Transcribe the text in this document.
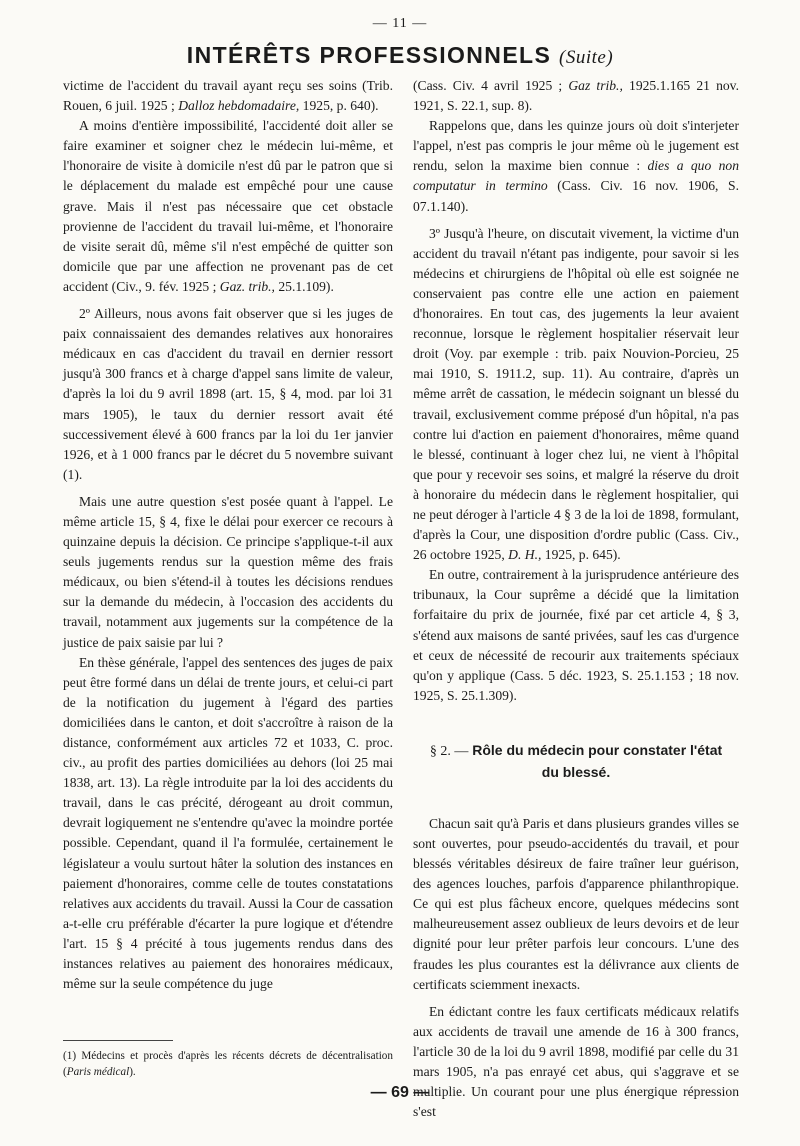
— 11 —
INTÉRÊTS PROFESSIONNELS (Suite)

victime de l'accident du travail ayant reçu ses soins (Trib. Rouen, 6 juil. 1925 ; Dalloz hebdomadaire, 1925, p. 640).

A moins d'entière impossibilité, l'accidenté doit aller se faire examiner et soigner chez le médecin lui-même, et l'honoraire de visite à domicile n'est dû par le patron que si le déplacement du malade est empêché pour une cause grave. Mais il n'est pas nécessaire que cet obstacle provienne de l'accident du travail lui-même, et l'honoraire de visite serait dû, même s'il n'est empêché de quitter son domicile que par une affection ne provenant pas de cet accident (Civ., 9. fév. 1925 ; Gaz. trib., 25.1.109).

2º Ailleurs, nous avons fait observer que si les juges de paix connaissaient des demandes relatives aux honoraires médicaux en cas d'accident du travail en dernier ressort jusqu'à 300 francs et à charge d'appel sans limite de valeur, d'après la loi du 9 avril 1898 (art. 15, § 4, mod. par loi 31 mars 1905), le taux du dernier ressort avait été successivement élevé à 600 francs par la loi du 1er janvier 1926, et à 1 000 francs par le décret du 5 novembre suivant (1).

Mais une autre question s'est posée quant à l'appel. Le même article 15, § 4, fixe le délai pour exercer ce recours à quinzaine depuis la décision. Ce principe s'applique-t-il aux seuls jugements rendus sur la question même des frais médicaux, ou bien s'étend-il à toutes les décisions rendues sur la demande du médecin, à l'occasion des accidents du travail, notamment aux jugements sur la compétence de la justice de paix saisie par lui ?

En thèse générale, l'appel des sentences des juges de paix peut être formé dans un délai de trente jours, et celui-ci part de la notification du jugement à l'égard des parties domiciliées dans le canton, et doit s'accroître à raison de la distance, conformément aux articles 72 et 1033, C. proc. civ., au profit des parties domiciliées au dehors (loi 25 mai 1838, art. 13). La règle introduite par la loi des accidents du travail, dans le cas précité, dérogeant au droit commun, devrait logiquement ne s'entendre qu'avec la moindre portée possible. Cependant, quand il l'a formulée, certainement le législateur a voulu surtout hâter la solution des instances en paiement d'honoraires, comme celle de toutes constatations relatives aux accidents du travail. Aussi la Cour de cassation a-t-elle cru préférable d'écarter la pure logique et d'étendre l'art. 15 § 4 précité à tous jugements rendus dans des instances relatives au paiement des honoraires médicaux, même sur la seule compétence du juge

(Cass. Civ. 4 avril 1925 ; Gaz trib., 1925.1.165 21 nov. 1921, S. 22.1, sup. 8).

Rappelons que, dans les quinze jours où doit s'interjeter l'appel, n'est pas compris le jour même où le jugement est rendu, selon la maxime bien connue : dies a quo non computatur in termino (Cass. Civ. 16 nov. 1906, S. 07.1.140).

3º Jusqu'à l'heure, on discutait vivement, la victime d'un accident du travail n'étant pas indigente, pour savoir si les médecins et chirurgiens de l'hôpital où elle est soignée ne conservaient pas contre elle une action en paiement d'honoraires. En tout cas, des jugements la leur avaient reconnue, lorsque le règlement hospitalier réservait leur droit (Voy. par exemple : trib. paix Nouvion-Porcieu, 25 mai 1910, S. 1911.2, sup. 11). Au contraire, d'après un même arrêt de cassation, le médecin soignant un blessé du travail, exclusivement comme préposé d'un hôpital, n'a pas contre lui d'action en paiement d'honoraires, même quand le blessé, continuant à loger chez lui, ne vient à l'hôpital que pour y recevoir ses soins, et malgré la réserve du droit à honoraire du médecin dans le règlement hospitalier, qui ne peut déroger à l'article 4 § 3 de la loi de 1898, formulant, d'après la Cour, une disposition d'ordre public (Cass. Civ., 26 octobre 1925, D. H., 1925, p. 645).

En outre, contrairement à la jurisprudence antérieure des tribunaux, la Cour suprême a décidé que la limitation forfaitaire du prix de journée, fixé par cet article 4, § 3, s'étend aux maisons de santé privées, sauf les cas d'urgence et ceux de nécessité de recourir aux traitements spéciaux qu'on y applique (Cass. 5 déc. 1923, S. 25.1.153 ; 18 nov. 1925, S. 25.1.309).

§ 2. — Rôle du médecin pour constater l'état
du blessé.

Chacun sait qu'à Paris et dans plusieurs grandes villes se sont ouvertes, pour pseudo-accidentés du travail, et pour blessés véritables désireux de faire traîner leur guérison, des agences louches, parfois d'apparence philanthropique. Ce qui est plus fâcheux encore, quelques médecins sont malheureusement assez oublieux de leurs devoirs et de leur dignité pour leur prêter parfois leur concours. L'une des fraudes les plus courantes est la délivrance aux clients de certificats sciemment inexacts.

En édictant contre les faux certificats médicaux relatifs aux accidents de travail une amende de 16 à 300 francs, l'article 30 de la loi du 9 avril 1898, modifié par celle du 31 mars 1905, n'a pas enrayé cet abus, qui s'aggrave et se multiplie. Un courant pour une plus énergique répression s'est

(1) Médecins et procès d'après les récents décrets de décentralisation (Paris médical).
— 69 —
